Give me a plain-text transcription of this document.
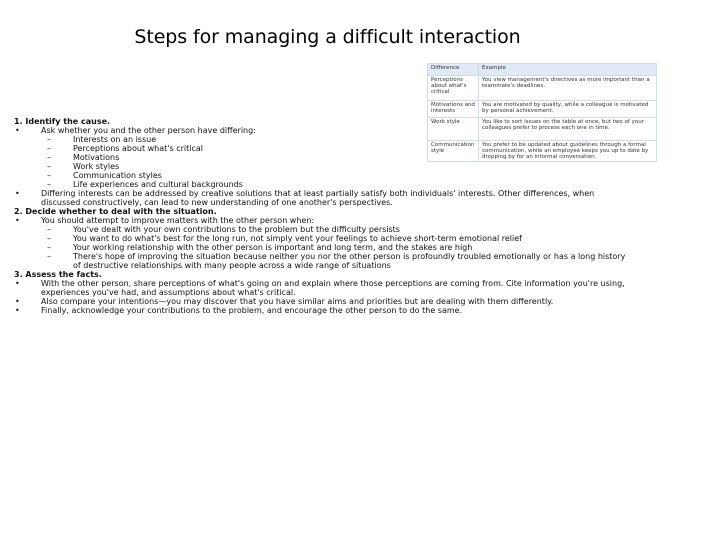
Steps for managing a difficult interaction
Difference	Example
Perceptions about what's critical	You view management's directives as more important than a teammate's deadlines.
Motivations and interests	You are motivated by quality, while a colleague is motivated by personal achievement.
Work style	You like to sort issues on the table at once, but two of your colleagues prefer to process each one in time.
Communication style	You prefer to be updated about guidelines through a formal communication, while an employee keeps you up to date by dropping by for an informal conversation.

1. Identify the cause.

• Ask whether you and the other person have differing:

– Interests on an issue

– Perceptions about what's critical

– Motivations

– Work styles

– Communication styles

– Life experiences and cultural backgrounds

• Differing interests can be addressed by creative solutions that at least partially satisfy both individuals' interests. Other differences, when discussed constructively, can lead to new understanding of one another's perspectives.

2. Decide whether to deal with the situation.

• You should attempt to improve matters with the other person when:

– You've dealt with your own contributions to the problem but the difficulty persists

– You want to do what's best for the long run, not simply vent your feelings to achieve short-term emotional relief

– Your working relationship with the other person is important and long term, and the stakes are high

– There's hope of improving the situation because neither you nor the other person is profoundly troubled emotionally or has a long history of destructive relationships with many people across a wide range of situations

3. Assess the facts.

• With the other person, share perceptions of what's going on and explain where those perceptions are coming from. Cite information you're using, experiences you've had, and assumptions about what's critical.

• Also compare your intentions—you may discover that you have similar aims and priorities but are dealing with them differently.

• Finally, acknowledge your contributions to the problem, and encourage the other person to do the same.
